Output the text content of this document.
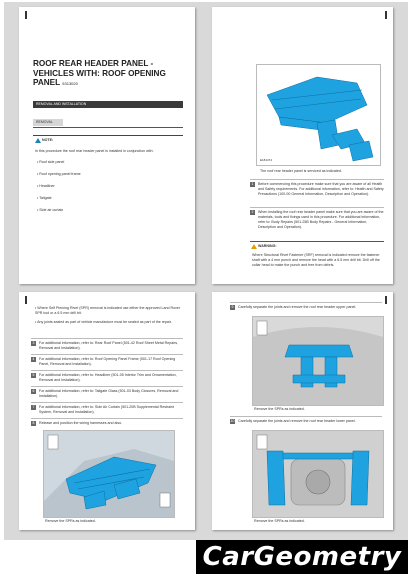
ROOF REAR HEADER PANEL - VEHICLES WITH: ROOF OPENING PANEL 5313020
REMOVAL AND INSTALLATION
REMOVAL
NOTE:
In this procedure the roof rear header panel is installed in conjunction with:
• Roof side panel
• Roof opening panel frame
• Headliner
• Tailgate
• Side air curtain
E184474
The roof rear header panel is serviced as indicated.
1	Before commencing this procedure make sure that you are aware of all Health and Safety requirements. For additional information, refer to: Health and Safety Precautions (100-00 General Information, Description and Operation).
2	When installing the roof rear header panel make sure that you are aware of the materials, tools and fixings used in this procedure. For additional information, refer to: Body Repairs (501-25B Body Repairs - General Information, Description and Operation).
WARNING:
Where Structural Rivet Fastener (SRF) removal is indicated remove the fastener shaft with a 4 mm punch and remove the head with a 6.5 mm drill bit. Drill off the collar head to make the punch and free from debris.
• Where Self Piercing Rivet (SPR) removal is indicated use either the approved Land Rover SPR tool or a 6.5 mm drill bit.
• Any joints sealed as part of vehicle manufacture must be sealed as part of the repair.
3	For additional information, refer to: Rear Roof Panel (501-42 Roof Sheet Metal Repairs, Removal and Installation).
4	For additional information, refer to: Roof Opening Panel Frame (501-17 Roof Opening Panel, Removal and Installation).
5	For additional information, refer to: Headliner (501-05 Interior Trim and Ornamentation, Removal and Installation).
6	For additional information, refer to: Tailgate Glass (501-03 Body Closures, Removal and Installation).
7	For additional information, refer to: Side Air Curtain (501-20B Supplemental Restraint System, Removal and Installation).
8	Release and position the wiring harnesses and also.
Remove the SPRs as indicated.
9	Carefully separate the joints and remove the roof rear header upper panel.
Remove the SPRs as indicated.
10 Carefully separate the joints and remove the roof rear header lower panel.
Remove the SPRs as indicated.
CarGeometry
